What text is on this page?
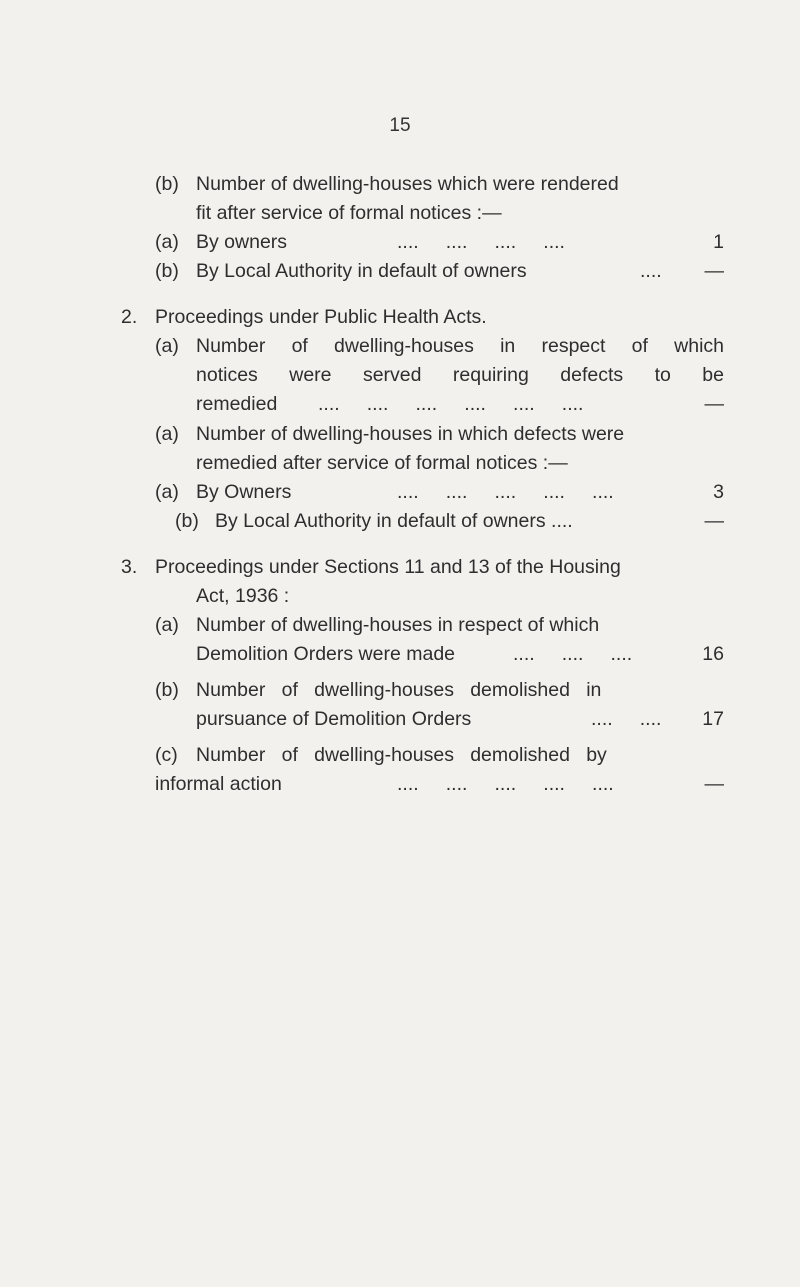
15
(b) Number of dwelling-houses which were rendered
fit after service of formal notices :—
(a) By owners	....     ....     ....     ....	1
(b) By Local Authority in default of owners	....	—
2. Proceedings under Public Health Acts.
(a) Number of dwelling-houses in respect of which
notices were served requiring defects to be
remedied ....     ....     ....     ....     ....     ....	—
(a) Number of dwelling-houses in which defects were
remedied after service of formal notices :—
(a) By Owners	....     ....     ....     ....     ....	3
(b) By Local Authority in default of owners ....	—
3. Proceedings under Sections 11 and 13 of the Housing
Act, 1936 :
(a) Number of dwelling-houses in respect of which
Demolition Orders were made	....     ....     ....	16
(b) Number   of   dwelling-houses   demolished   in
pursuance of Demolition Orders	....     ....	17
(c) Number   of   dwelling-houses   demolished   by
informal action	....     ....     ....     ....     ....	—
